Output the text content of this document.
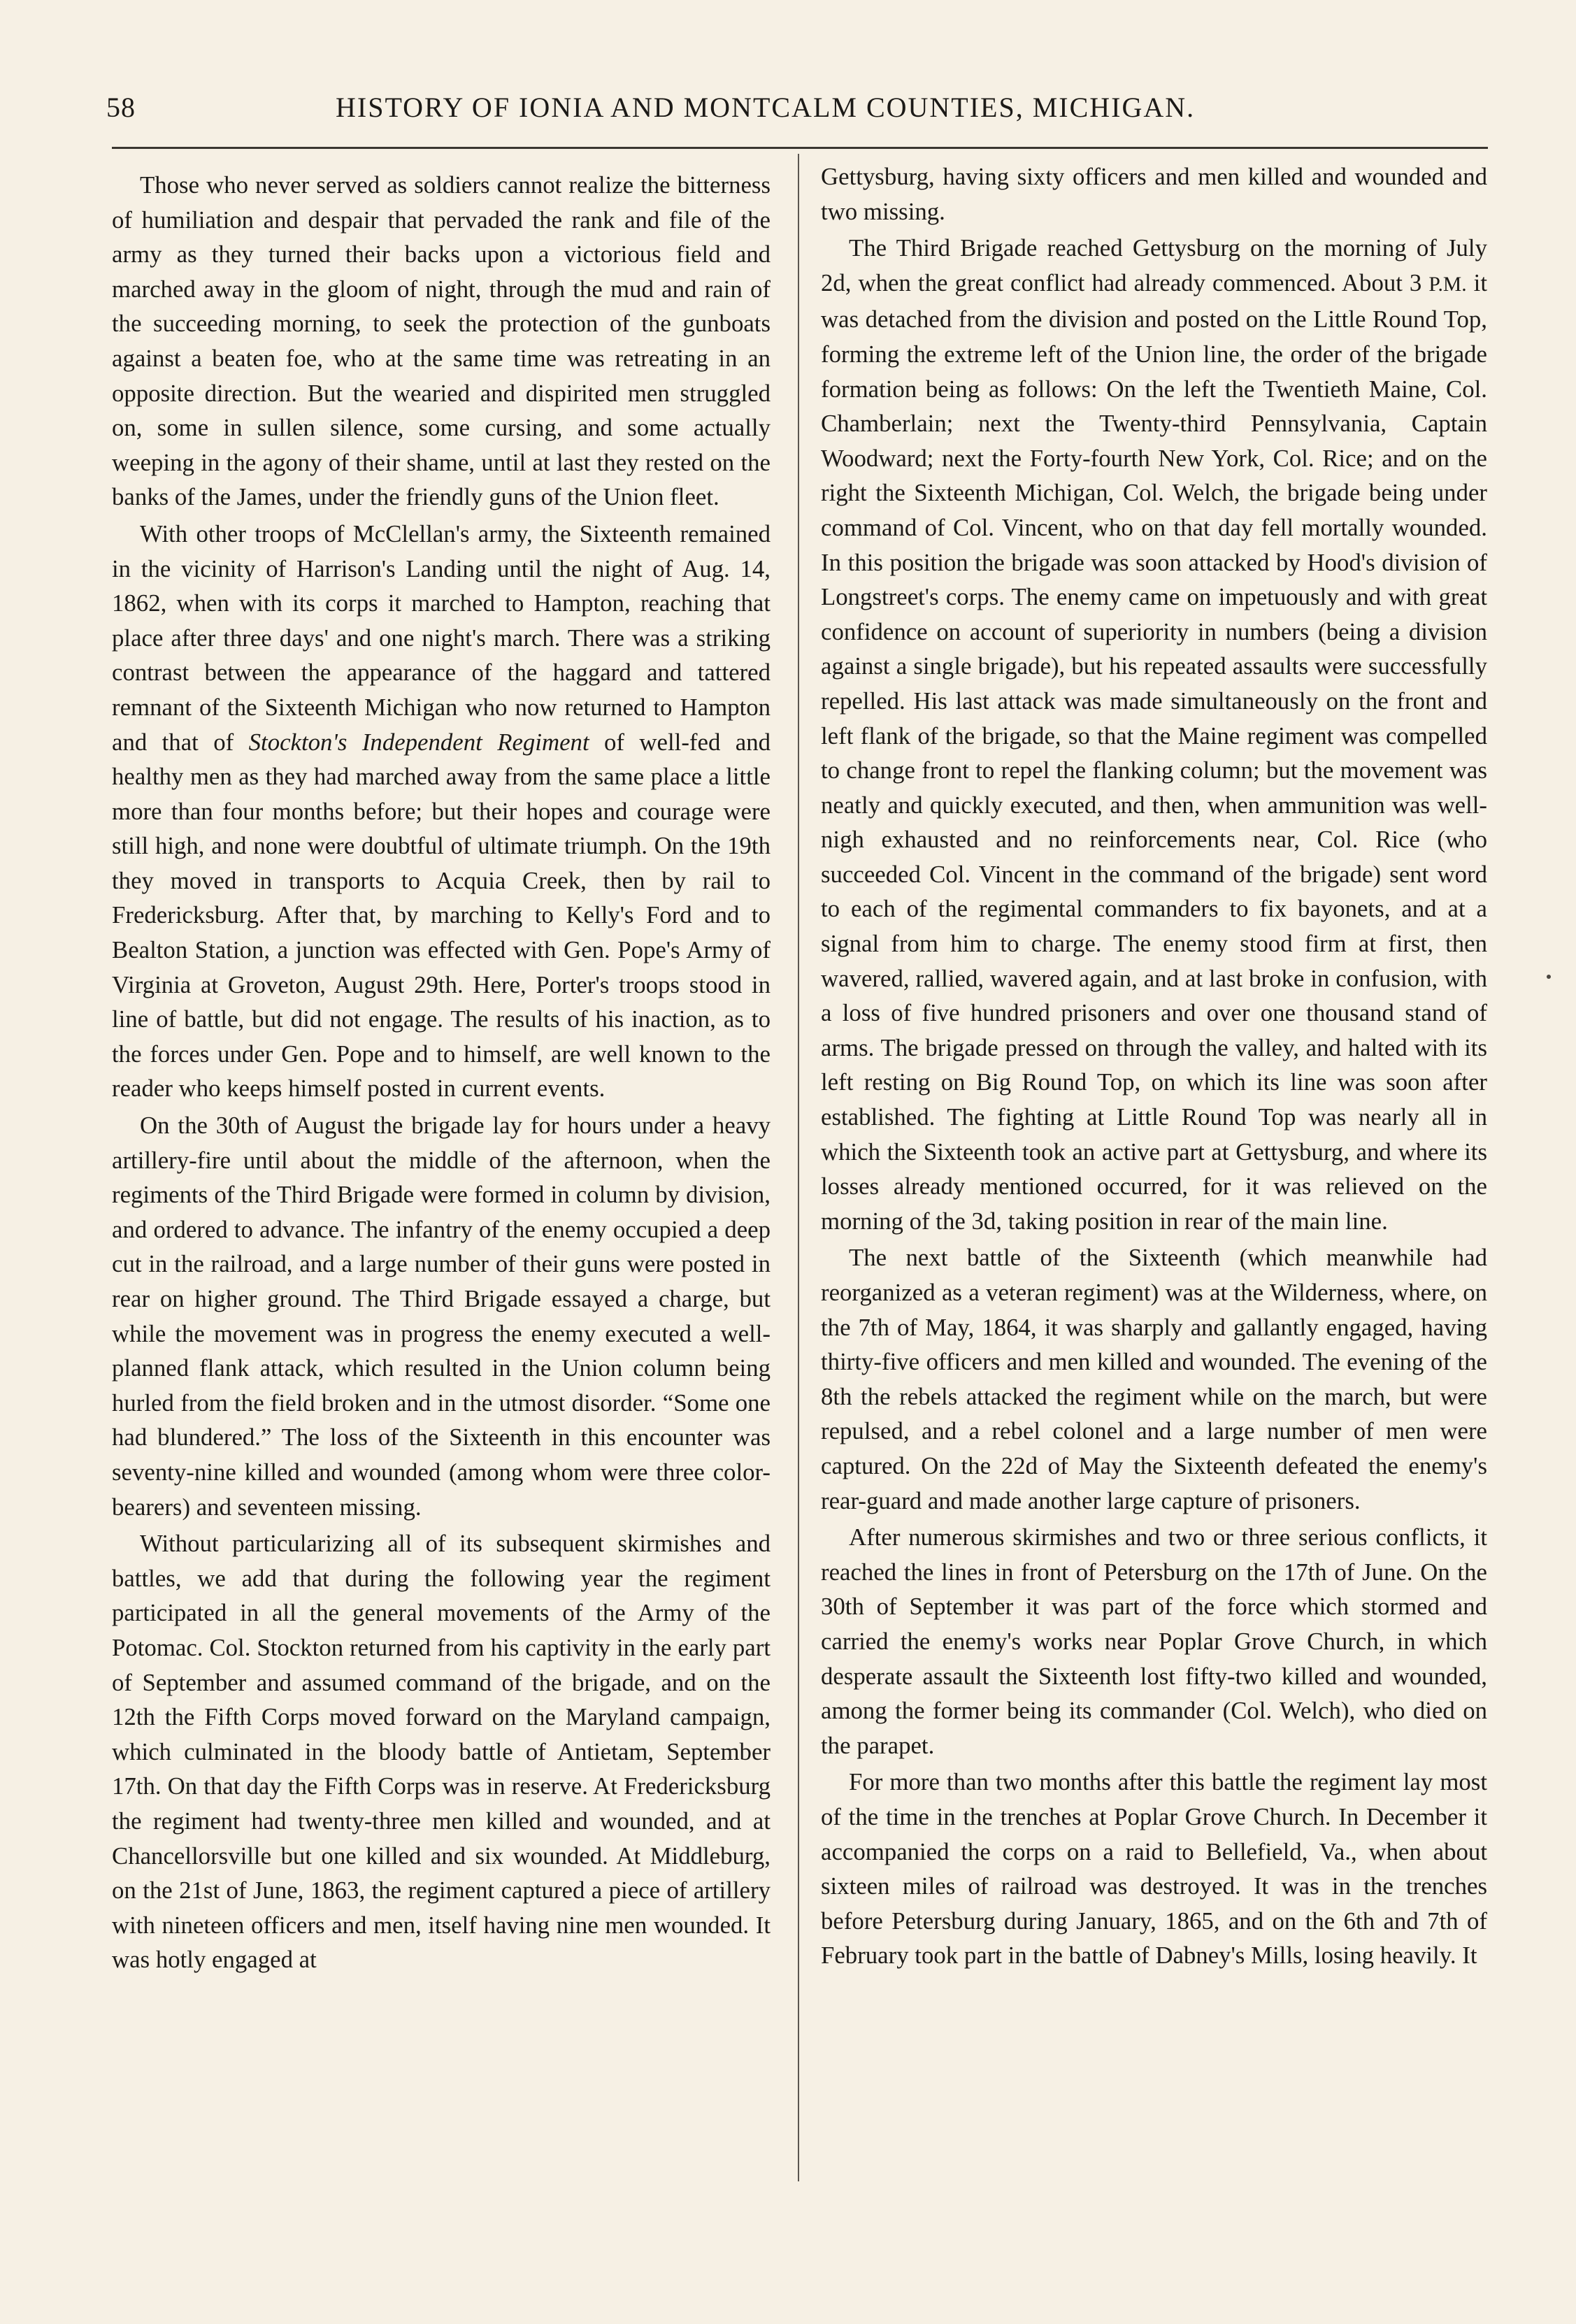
58	HISTORY OF IONIA AND MONTCALM COUNTIES, MICHIGAN.

Those who never served as soldiers cannot realize the bitterness of humiliation and despair that pervaded the rank and file of the army as they turned their backs upon a victorious field and marched away in the gloom of night, through the mud and rain of the succeeding morning, to seek the protection of the gunboats against a beaten foe, who at the same time was retreating in an opposite direction. But the wearied and dispirited men struggled on, some in sullen silence, some cursing, and some actually weeping in the agony of their shame, until at last they rested on the banks of the James, under the friendly guns of the Union fleet.

With other troops of McClellan's army, the Sixteenth remained in the vicinity of Harrison's Landing until the night of Aug. 14, 1862, when with its corps it marched to Hampton, reaching that place after three days' and one night's march. There was a striking contrast between the appearance of the haggard and tattered remnant of the Sixteenth Michigan who now returned to Hampton and that of Stockton's Independent Regiment of well-fed and healthy men as they had marched away from the same place a little more than four months before; but their hopes and courage were still high, and none were doubtful of ultimate triumph. On the 19th they moved in transports to Acquia Creek, then by rail to Fredericksburg. After that, by marching to Kelly's Ford and to Bealton Station, a junction was effected with Gen. Pope's Army of Virginia at Groveton, August 29th. Here, Porter's troops stood in line of battle, but did not engage. The results of his inaction, as to the forces under Gen. Pope and to himself, are well known to the reader who keeps himself posted in current events.

On the 30th of August the brigade lay for hours under a heavy artillery-fire until about the middle of the afternoon, when the regiments of the Third Brigade were formed in column by division, and ordered to advance. The infantry of the enemy occupied a deep cut in the railroad, and a large number of their guns were posted in rear on higher ground. The Third Brigade essayed a charge, but while the movement was in progress the enemy executed a well-planned flank attack, which resulted in the Union column being hurled from the field broken and in the utmost disorder. “Some one had blundered.” The loss of the Sixteenth in this encounter was seventy-nine killed and wounded (among whom were three color-bearers) and seventeen missing.

Without particularizing all of its subsequent skirmishes and battles, we add that during the following year the regiment participated in all the general movements of the Army of the Potomac. Col. Stockton returned from his captivity in the early part of September and assumed command of the brigade, and on the 12th the Fifth Corps moved forward on the Maryland campaign, which culminated in the bloody battle of Antietam, September 17th. On that day the Fifth Corps was in reserve. At Fredericksburg the regiment had twenty-three men killed and wounded, and at Chancellorsville but one killed and six wounded. At Middleburg, on the 21st of June, 1863, the regiment captured a piece of artillery with nineteen officers and men, itself having nine men wounded. It was hotly engaged at

Gettysburg, having sixty officers and men killed and wounded and two missing.

The Third Brigade reached Gettysburg on the morning of July 2d, when the great conflict had already commenced. About 3 P.M. it was detached from the division and posted on the Little Round Top, forming the extreme left of the Union line, the order of the brigade formation being as follows: On the left the Twentieth Maine, Col. Chamberlain; next the Twenty-third Pennsylvania, Captain Woodward; next the Forty-fourth New York, Col. Rice; and on the right the Sixteenth Michigan, Col. Welch, the brigade being under command of Col. Vincent, who on that day fell mortally wounded. In this position the brigade was soon attacked by Hood's division of Longstreet's corps. The enemy came on impetuously and with great confidence on account of superiority in numbers (being a division against a single brigade), but his repeated assaults were successfully repelled. His last attack was made simultaneously on the front and left flank of the brigade, so that the Maine regiment was compelled to change front to repel the flanking column; but the movement was neatly and quickly executed, and then, when ammunition was well-nigh exhausted and no reinforcements near, Col. Rice (who succeeded Col. Vincent in the command of the brigade) sent word to each of the regimental commanders to fix bayonets, and at a signal from him to charge. The enemy stood firm at first, then wavered, rallied, wavered again, and at last broke in confusion, with a loss of five hundred prisoners and over one thousand stand of arms. The brigade pressed on through the valley, and halted with its left resting on Big Round Top, on which its line was soon after established. The fighting at Little Round Top was nearly all in which the Sixteenth took an active part at Gettysburg, and where its losses already mentioned occurred, for it was relieved on the morning of the 3d, taking position in rear of the main line.

The next battle of the Sixteenth (which meanwhile had reorganized as a veteran regiment) was at the Wilderness, where, on the 7th of May, 1864, it was sharply and gallantly engaged, having thirty-five officers and men killed and wounded. The evening of the 8th the rebels attacked the regiment while on the march, but were repulsed, and a rebel colonel and a large number of men were captured. On the 22d of May the Sixteenth defeated the enemy's rear-guard and made another large capture of prisoners.

After numerous skirmishes and two or three serious conflicts, it reached the lines in front of Petersburg on the 17th of June. On the 30th of September it was part of the force which stormed and carried the enemy's works near Poplar Grove Church, in which desperate assault the Sixteenth lost fifty-two killed and wounded, among the former being its commander (Col. Welch), who died on the parapet.

For more than two months after this battle the regiment lay most of the time in the trenches at Poplar Grove Church. In December it accompanied the corps on a raid to Bellefield, Va., when about sixteen miles of railroad was destroyed. It was in the trenches before Petersburg during January, 1865, and on the 6th and 7th of February took part in the battle of Dabney's Mills, losing heavily. It
